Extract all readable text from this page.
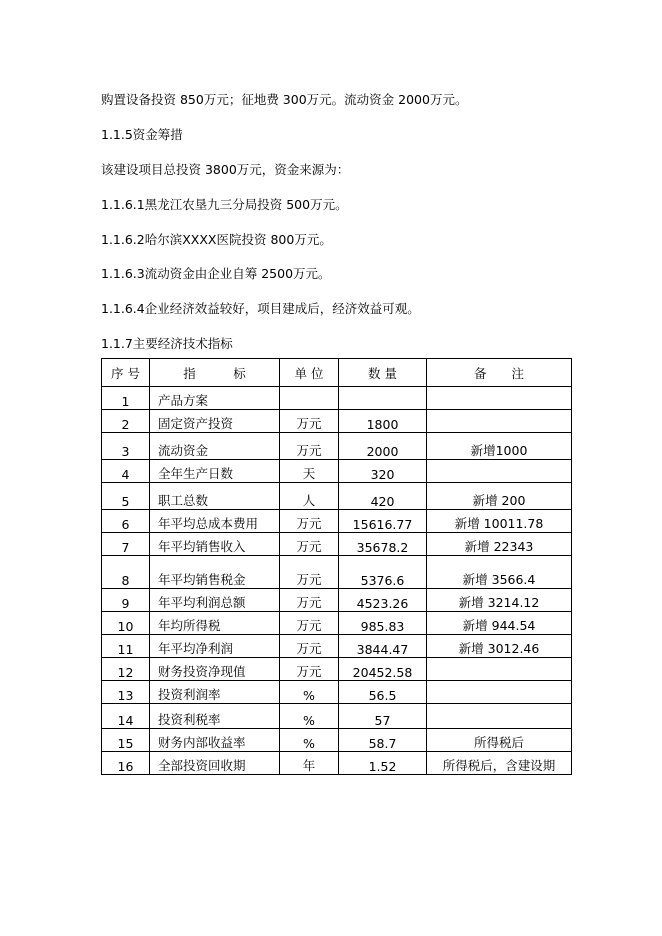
购置设备投资 850万元；征地费 300万元。流动资金 2000万元。
1.1.5资金筹措
该建设项目总投资 3800万元，资金来源为：
1.1.6.1黑龙江农垦九三分局投资 500万元。
1.1.6.2哈尔滨XXXX医院投资 800万元。
1.1.6.3流动资金由企业自筹 2500万元。
1.1.6.4企业经济效益较好，项目建成后，经济效益可观。
1.1.7主要经济技术指标
序 号	指　　　标	单 位	数 量	备　　注
1	产品方案			
2	固定资产投资	万元	1800	
3	流动资金	万元	2000	新增1000
4	全年生产日数	天	320	
5	职工总数	人	420	新增 200
6	年平均总成本费用	万元	15616.77	新增 10011.78
7	年平均销售收入	万元	35678.2	新增 22343
8	年平均销售税金	万元	5376.6	新增 3566.4
9	年平均利润总额	万元	4523.26	新增 3214.12
10	年均所得税	万元	985.83	新增 944.54
11	年平均净利润	万元	3844.47	新增 3012.46
12	财务投资净现值	万元	20452.58	
13	投资利润率	%	56.5	
14	投资利税率	%	57	
15	财务内部收益率	%	58.7	所得税后
16	全部投资回收期	年	1.52	所得税后，含建设期
